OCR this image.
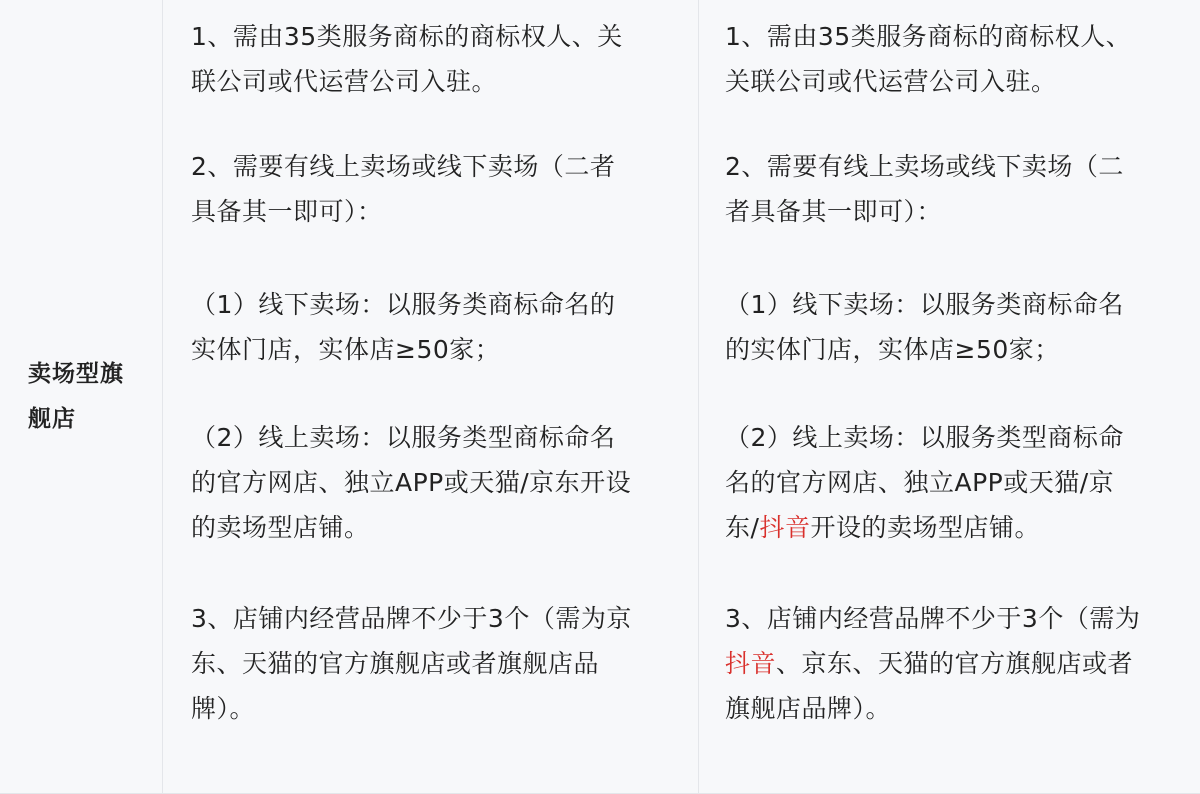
卖场型旗
舰店

1、需由35类服务商标的商标权人、关
联公司或代运营公司入驻。

2、需要有线上卖场或线下卖场（二者
具备其一即可）：

（1）线下卖场：以服务类商标命名的
实体门店，实体店≥50家；

（2）线上卖场：以服务类型商标命名
的官方网店、独立APP或天猫/京东开设
的卖场型店铺。

3、店铺内经营品牌不少于3个（需为京
东、天猫的官方旗舰店或者旗舰店品
牌）。

1、需由35类服务商标的商标权人、
关联公司或代运营公司入驻。

2、需要有线上卖场或线下卖场（二
者具备其一即可）：

（1）线下卖场：以服务类商标命名
的实体门店，实体店≥50家；

（2）线上卖场：以服务类型商标命
名的官方网店、独立APP或天猫/京
东/抖音开设的卖场型店铺。

3、店铺内经营品牌不少于3个（需为
抖音、京东、天猫的官方旗舰店或者
旗舰店品牌）。
